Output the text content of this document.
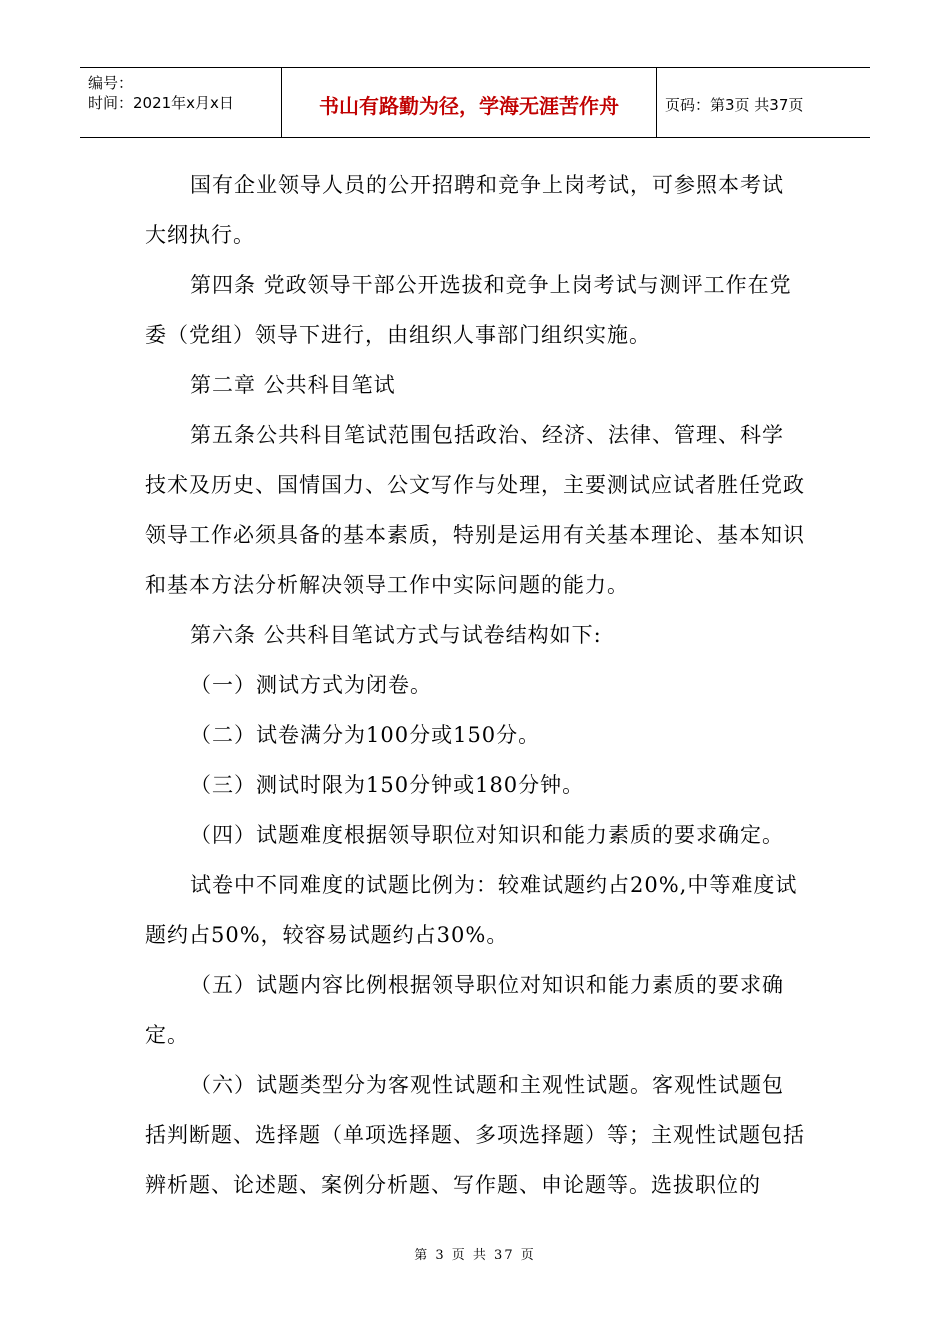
编号：
时间：2021年x月x日	书山有路勤为径，学海无涯苦作舟	页码：第3页 共37页

国有企业领导人员的公开招聘和竞争上岗考试，可参照本考试大纲执行。

第四条 党政领导干部公开选拔和竞争上岗考试与测评工作在党委（党组）领导下进行，由组织人事部门组织实施。

第二章 公共科目笔试

第五条公共科目笔试范围包括政治、经济、法律、管理、科学技术及历史、国情国力、公文写作与处理，主要测试应试者胜任党政领导工作必须具备的基本素质，特别是运用有关基本理论、基本知识和基本方法分析解决领导工作中实际问题的能力。

第六条 公共科目笔试方式与试卷结构如下:

（一）测试方式为闭卷。

（二）试卷满分为100分或150分。

（三）测试时限为150分钟或180分钟。

（四）试题难度根据领导职位对知识和能力素质的要求确定。

试卷中不同难度的试题比例为：较难试题约占20%,中等难度试题约占50%，较容易试题约占30%。

（五）试题内容比例根据领导职位对知识和能力素质的要求确定。

（六）试题类型分为客观性试题和主观性试题。客观性试题包括判断题、选择题（单项选择题、多项选择题）等；主观性试题包括辨析题、论述题、案例分析题、写作题、申论题等。选拔职位的

第 3 页 共 37 页
